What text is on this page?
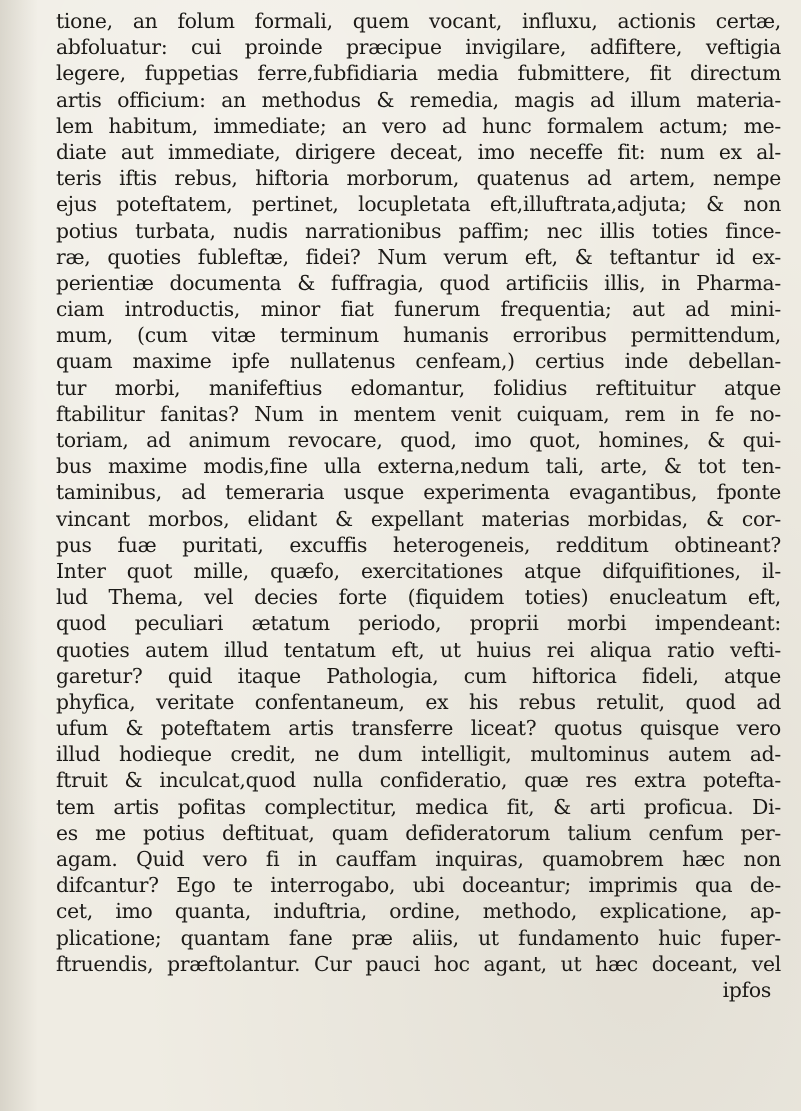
tione, an folum formali, quem vocant, influxu, actionis certæ,
abfoluatur: cui proinde præcipue invigilare, adfiftere, veftigia
legere, fuppetias ferre,fubfidiaria media fubmittere, fit directum
artis officium: an methodus & remedia, magis ad illum materia-
lem habitum, immediate; an vero ad hunc formalem actum; me-
diate aut immediate, dirigere deceat, imo neceffe fit: num ex al-
teris iftis rebus, hiftoria morborum, quatenus ad artem, nempe
ejus poteftatem, pertinet, locupletata eft,illuftrata,adjuta; & non
potius turbata, nudis narrationibus paffim; nec illis toties fince-
ræ, quoties fubleftæ, fidei? Num verum eft, & teftantur id ex-
perientiæ documenta & fuffragia, quod artificiis illis, in Pharma-
ciam introductis, minor fiat funerum frequentia; aut ad mini-
mum, (cum vitæ terminum humanis erroribus permittendum,
quam maxime ipfe nullatenus cenfeam,) certius inde debellan-
tur morbi, manifeftius edomantur, folidius reftituitur atque
ftabilitur fanitas? Num in mentem venit cuiquam, rem in fe no-
toriam, ad animum revocare, quod, imo quot, homines, & qui-
bus maxime modis,fine ulla externa,nedum tali, arte, & tot ten-
taminibus, ad temeraria usque experimenta evagantibus, fponte
vincant morbos, elidant & expellant materias morbidas, & cor-
pus fuæ puritati, excuffis heterogeneis, redditum obtineant?
Inter quot mille, quæfo, exercitationes atque difquifitiones, il-
lud Thema, vel decies forte (fiquidem toties) enucleatum eft,
quod peculiari ætatum periodo, proprii morbi impendeant:
quoties autem illud tentatum eft, ut huius rei aliqua ratio vefti-
garetur? quid itaque Pathologia, cum hiftorica fideli, atque
phyfica, veritate confentaneum, ex his rebus retulit, quod ad
ufum & poteftatem artis transferre liceat? quotus quisque vero
illud hodieque credit, ne dum intelligit, multominus autem ad-
ftruit & inculcat,quod nulla confideratio, quæ res extra potefta-
tem artis pofitas complectitur, medica fit, & arti proficua. Di-
es me potius deftituat, quam defideratorum talium cenfum per-
agam. Quid vero fi in cauffam inquiras, quamobrem hæc non
difcantur? Ego te interrogabo, ubi doceantur; imprimis qua de-
cet, imo quanta, induftria, ordine, methodo, explicatione, ap-
plicatione; quantam fane præ aliis, ut fundamento huic fuper-
ftruendis, præftolantur. Cur pauci hoc agant, ut hæc doceant, vel
ipfos
